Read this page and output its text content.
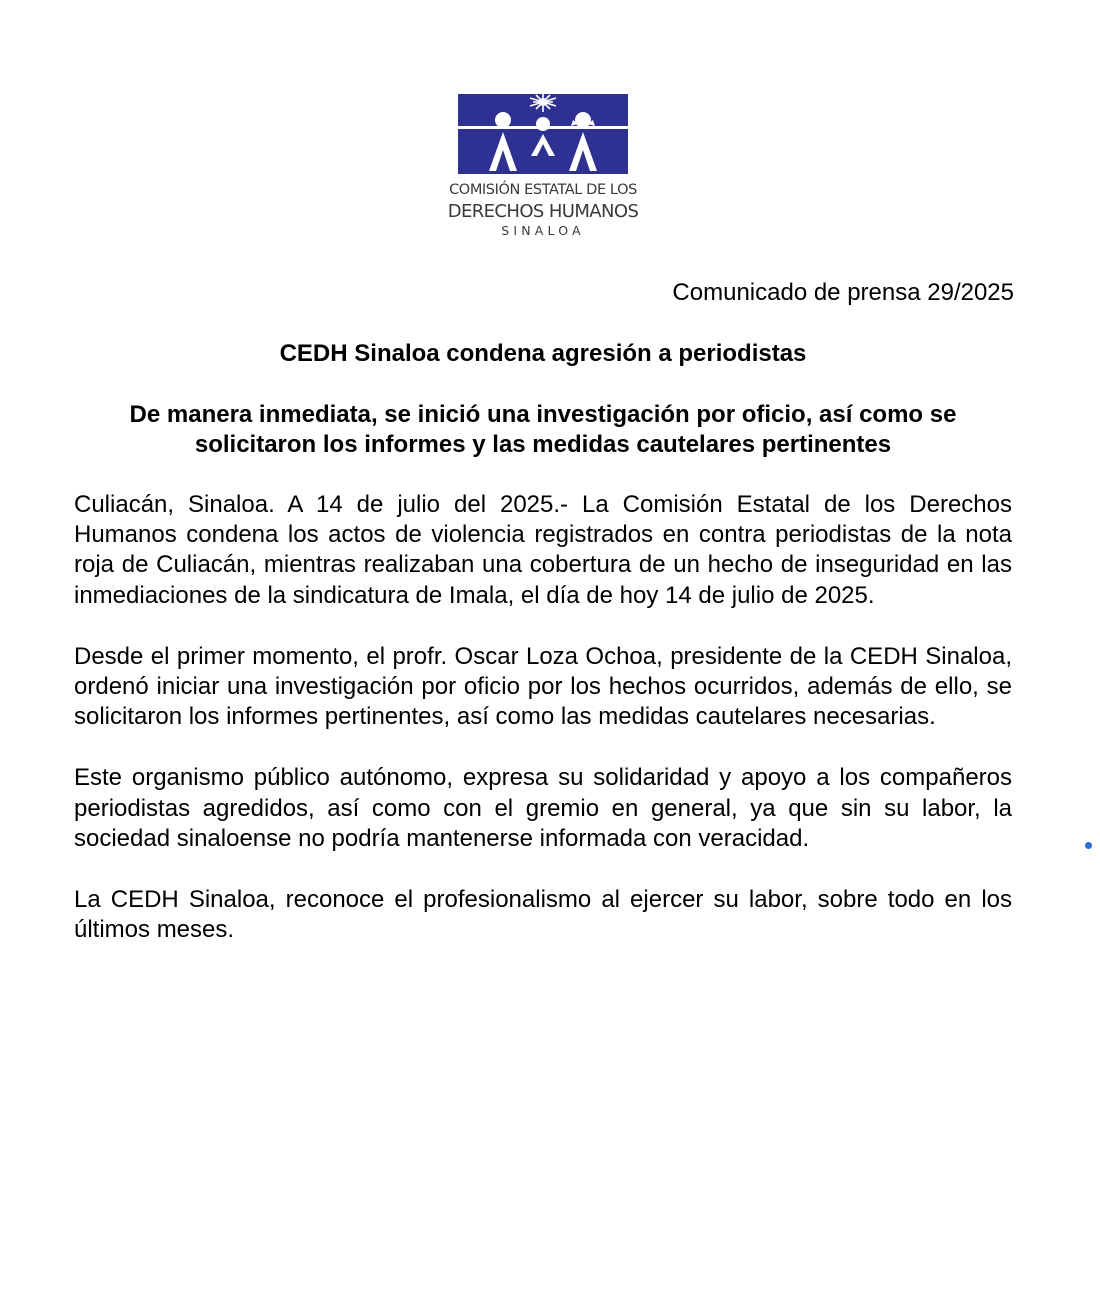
COMISIÓN ESTATAL DE LOS
DERECHOS HUMANOS
SINALOA
Comunicado de prensa 29/2025
CEDH Sinaloa condena agresión a periodistas
De manera inmediata, se inició una investigación por oficio, así como se
solicitaron los informes y las medidas cautelares pertinentes

Culiacán, Sinaloa. A 14 de julio del 2025.- La Comisión Estatal de los Derechos Humanos condena los actos de violencia registrados en contra periodistas de la nota roja de Culiacán, mientras realizaban una cobertura de un hecho de inseguridad en las inmediaciones de la sindicatura de Imala, el día de hoy 14 de julio de 2025.

Desde el primer momento, el profr. Oscar Loza Ochoa, presidente de la CEDH Sinaloa, ordenó iniciar una investigación por oficio por los hechos ocurridos, además de ello, se solicitaron los informes pertinentes, así como las medidas cautelares necesarias.

Este organismo público autónomo, expresa su solidaridad y apoyo a los compañeros periodistas agredidos, así como con el gremio en general, ya que sin su labor, la sociedad sinaloense no podría mantenerse informada con veracidad.

La CEDH Sinaloa, reconoce el profesionalismo al ejercer su labor, sobre todo en los últimos meses.
